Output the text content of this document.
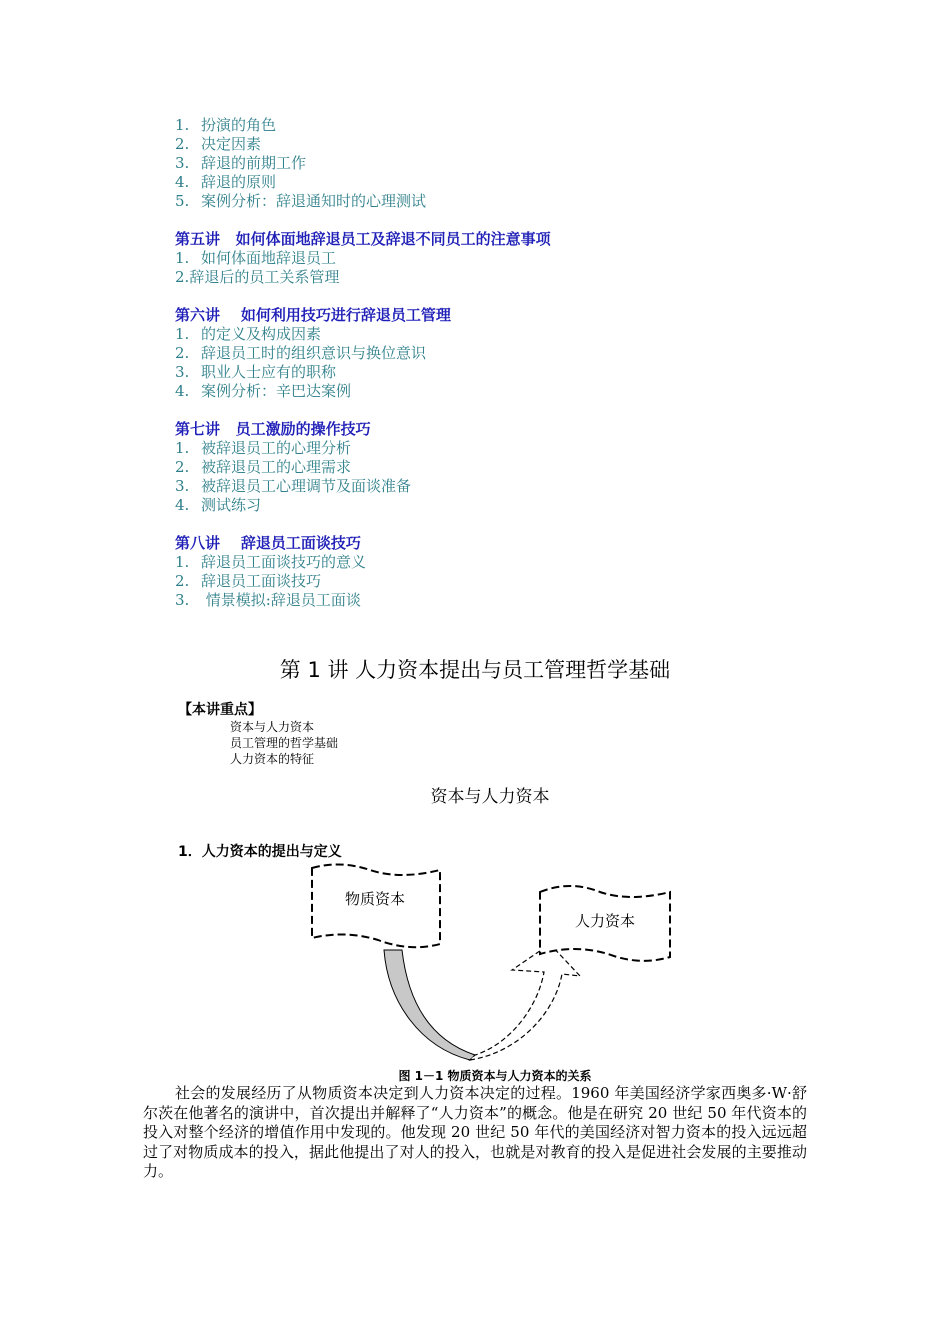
1. 扮演的角色
2. 决定因素
3. 辞退的前期工作
4. 辞退的原则
5. 案例分析：辞退通知时的心理测试
第五讲   如何体面地辞退员工及辞退不同员工的注意事项
1. 如何体面地辞退员工
2.辞退后的员工关系管理
第六讲    如何利用技巧进行辞退员工管理
1. 的定义及构成因素
2. 辞退员工时的组织意识与换位意识
3. 职业人士应有的职称
4. 案例分析：辛巴达案例
第七讲   员工激励的操作技巧
1. 被辞退员工的心理分析
2. 被辞退员工的心理需求
3. 被辞退员工心理调节及面谈准备
4. 测试练习
第八讲    辞退员工面谈技巧
1. 辞退员工面谈技巧的意义
2. 辞退员工面谈技巧
3. 情景模拟:辞退员工面谈
第 1 讲 人力资本提出与员工管理哲学基础
【本讲重点】
资本与人力资本
员工管理的哲学基础
人力资本的特征
资本与人力资本
1．人力资本的提出与定义
物质资本
人力资本
图 1－1 物质资本与人力资本的关系

社会的发展经历了从物质资本决定到人力资本决定的过程。1960 年美国经济学家西奥多·W·舒尔茨在他著名的演讲中，首次提出并解释了“人力资本”的概念。他是在研究 20 世纪 50 年代资本的投入对整个经济的增值作用中发现的。他发现 20 世纪 50 年代的美国经济对智力资本的投入远远超过了对物质成本的投入，据此他提出了对人的投入，也就是对教育的投入是促进社会发展的主要推动力。
